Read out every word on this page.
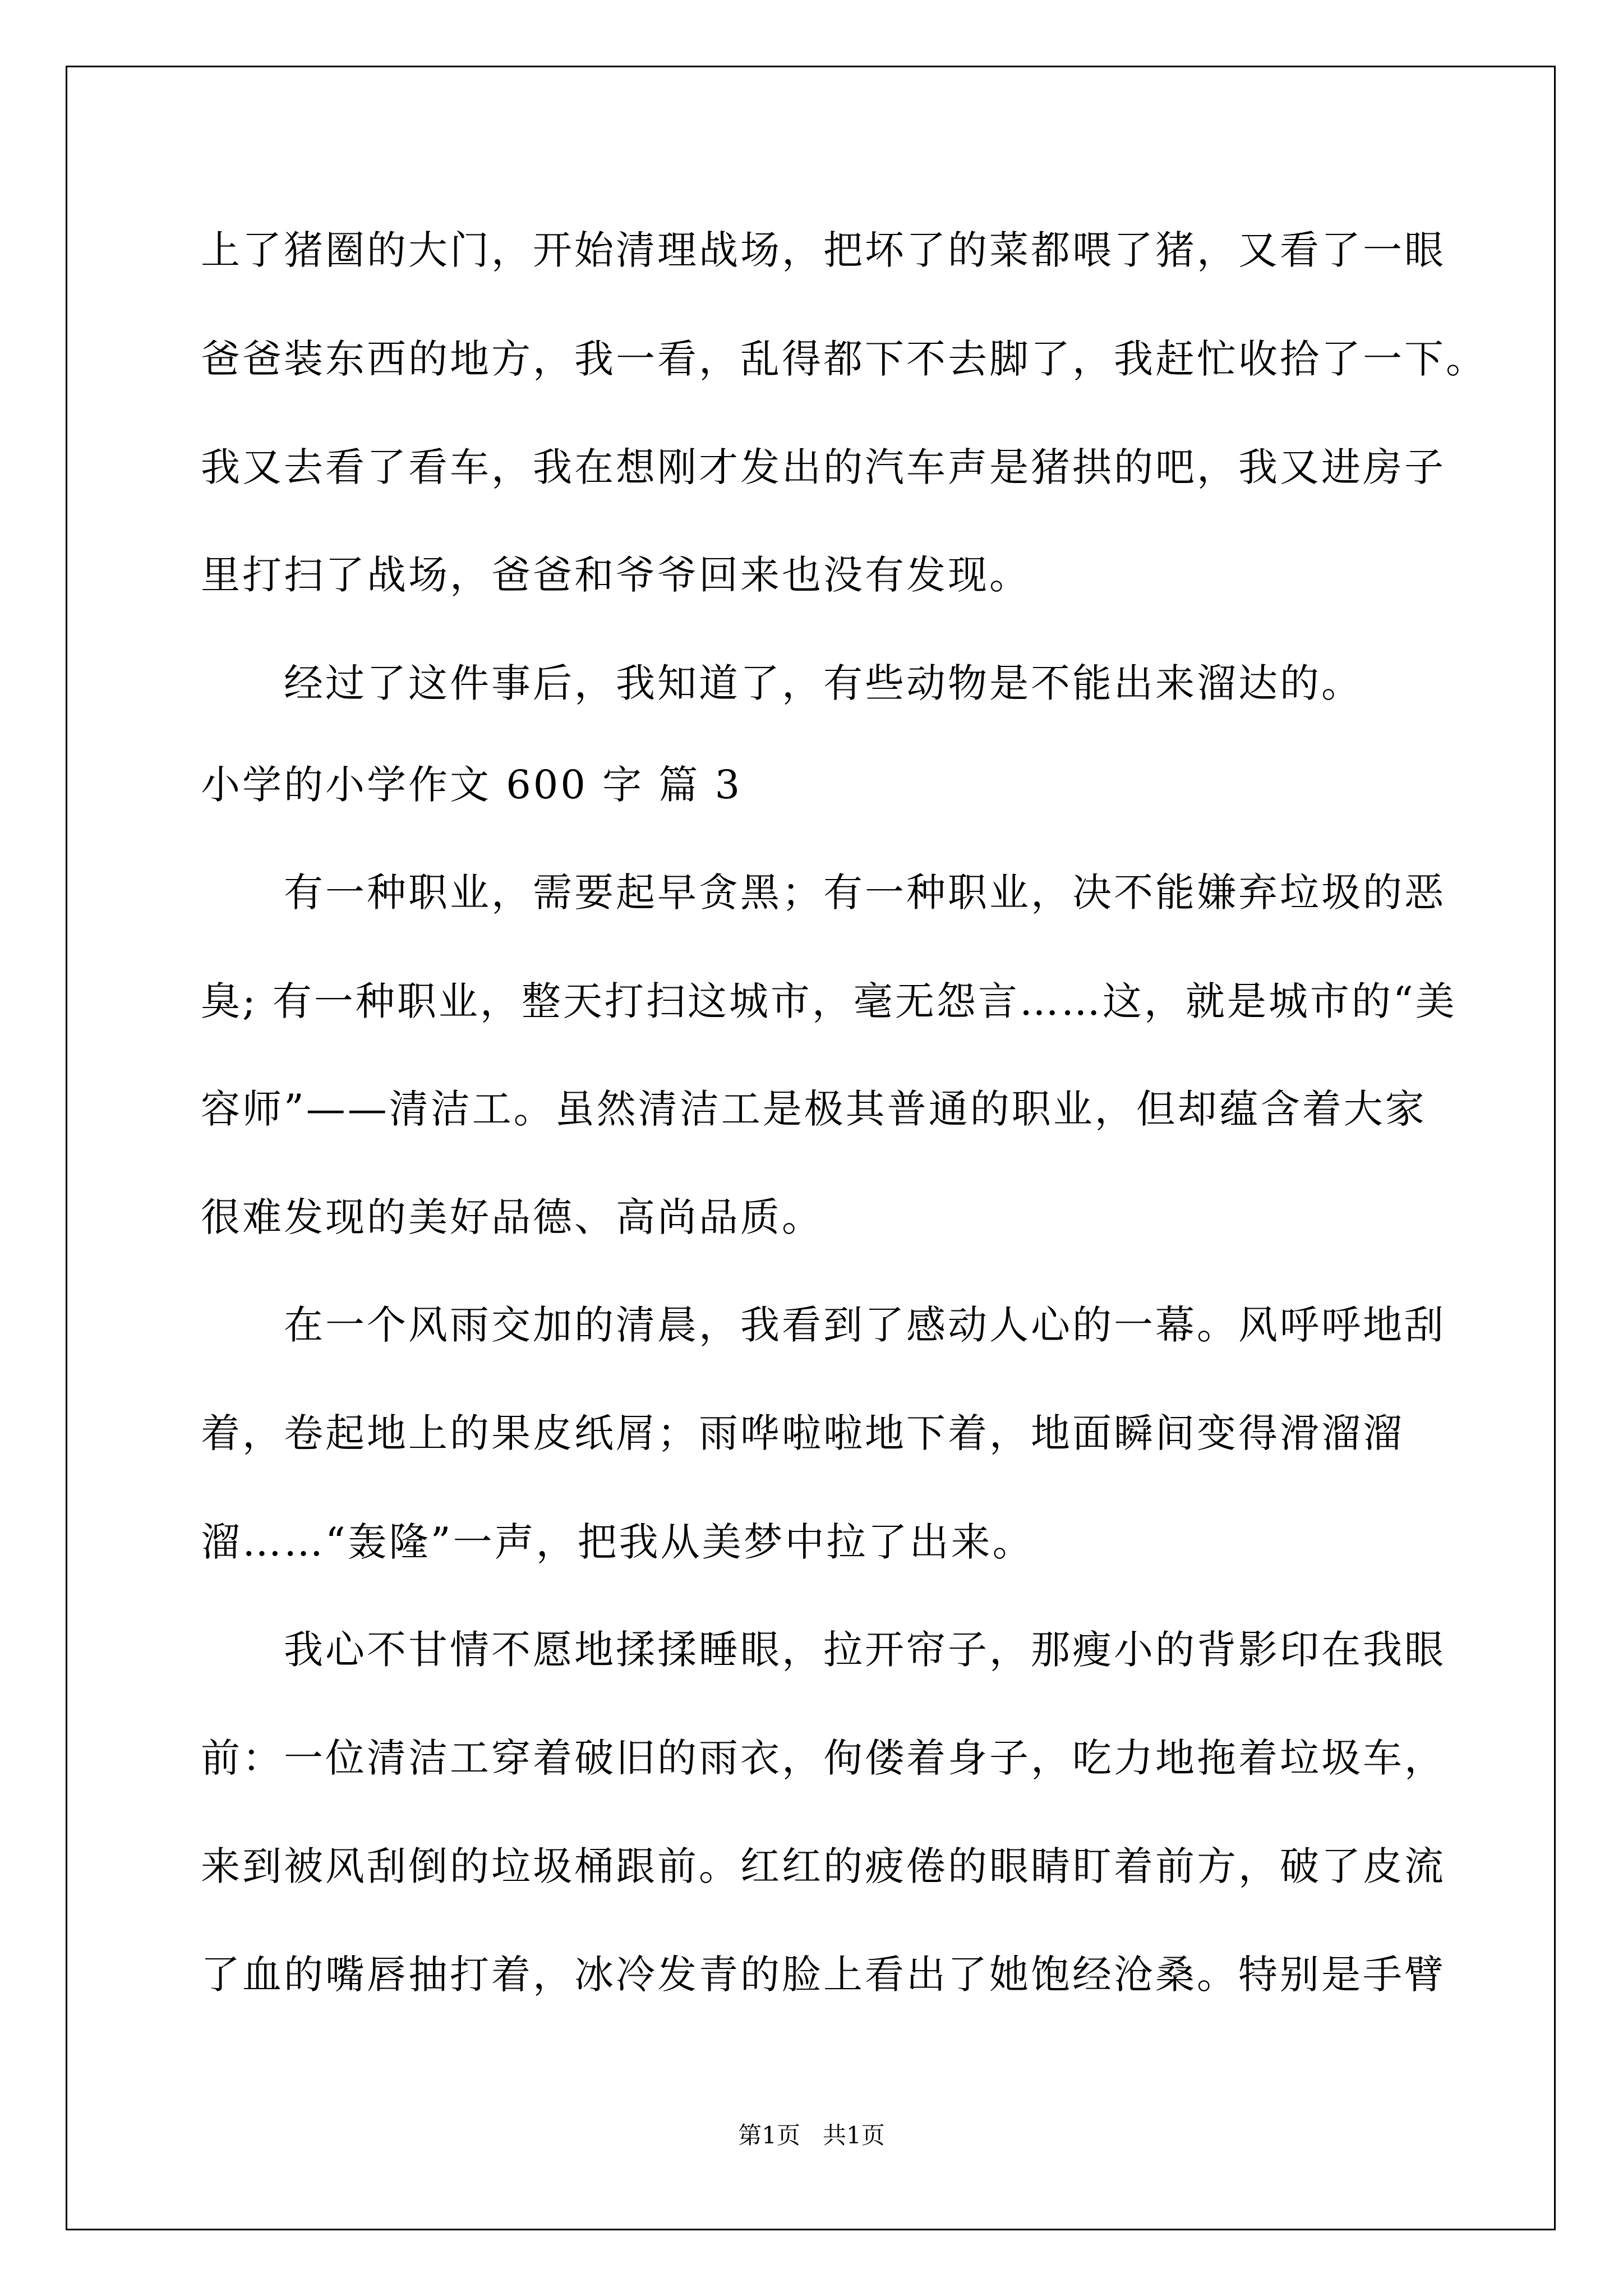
上了猪圈的大门，开始清理战场，把坏了的菜都喂了猪，又看了一眼
爸爸装东西的地方，我一看，乱得都下不去脚了，我赶忙收拾了一下。
我又去看了看车，我在想刚才发出的汽车声是猪拱的吧，我又进房子
里打扫了战场，爸爸和爷爷回来也没有发现。
　　经过了这件事后，我知道了，有些动物是不能出来溜达的。
小学的小学作文 600 字 篇 3
　　有一种职业，需要起早贪黑；有一种职业，决不能嫌弃垃圾的恶
臭; 有一种职业，整天打扫这城市，毫无怨言……这，就是城市的“美
容师”——清洁工。虽然清洁工是极其普通的职业，但却蕴含着大家
很难发现的美好品德、高尚品质。
　　在一个风雨交加的清晨，我看到了感动人心的一幕。风呼呼地刮
着，卷起地上的果皮纸屑；雨哗啦啦地下着，地面瞬间变得滑溜溜
溜……“轰隆”一声，把我从美梦中拉了出来。
　　我心不甘情不愿地揉揉睡眼，拉开帘子，那瘦小的背影印在我眼
前：一位清洁工穿着破旧的雨衣，佝偻着身子，吃力地拖着垃圾车，
来到被风刮倒的垃圾桶跟前。红红的疲倦的眼睛盯着前方，破了皮流
了血的嘴唇抽打着，冰冷发青的脸上看出了她饱经沧桑。特别是手臂
第1页   共1页
